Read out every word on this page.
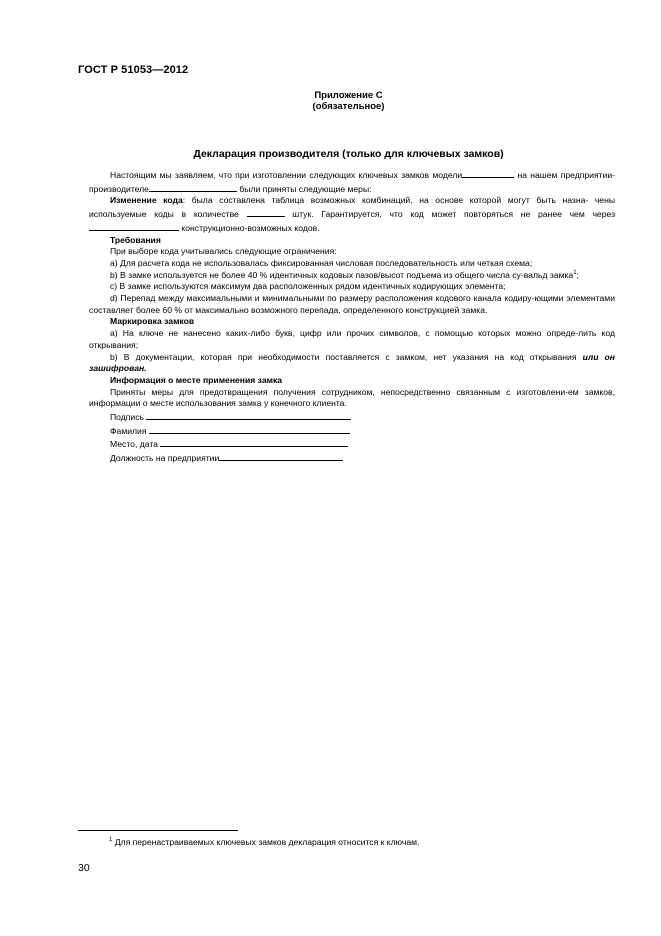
ГОСТ Р 51053—2012
Приложение С
(обязательное)
Декларация производителя (только для ключевых замков)

Настоящим мы заявляем, что при изготовлении следующих ключевых замков модели	на нашем предприятии-производителе	были приняты следующие меры:

Изменение кода: была составлена таблица возможных комбинаций, на основе которой могут быть назна- чены используемые коды в количестве	штук. Гарантируется, что код может повторяться не ранее чем через  конструкционно-возможных кодов.

Требования

При выборе кода учитывались следующие ограничения:

а) Для расчета кода не использовалась фиксированная числовая последовательность или четкая схема;

b) В замке используется не более 40 % идентичных кодовых пазов/высот подъема из общего числа су-вальд замка$^1$;

с) В замке используются максимум два расположенных рядом идентичных кодирующих элемента;

d) Перепад между максимальными и минимальными по размеру расположения кодового канала кодиру-ющими элементами составляет более 60 % от максимально возможного перепада, определенного конструкцией замка.

Маркировка замков

а) На ключе не нанесено каких-либо букв, цифр или прочих символов, с помощью которых можно опреде-лить код открывания;

b) В документации, которая при необходимости поставляется с замком, нет указания на код открывания или он зашифрован.

Информация о месте применения замка

Приняты меры для предотвращения получения сотрудником, непосредственно связанным с изготовлени-ем замков, информации о месте использования замка у конечного клиента.

Подпись

Фамилия

Место, дата

Должность на предприятии

$^1$ Для перенастраиваемых ключевых замков декларация относится к ключам.
30
